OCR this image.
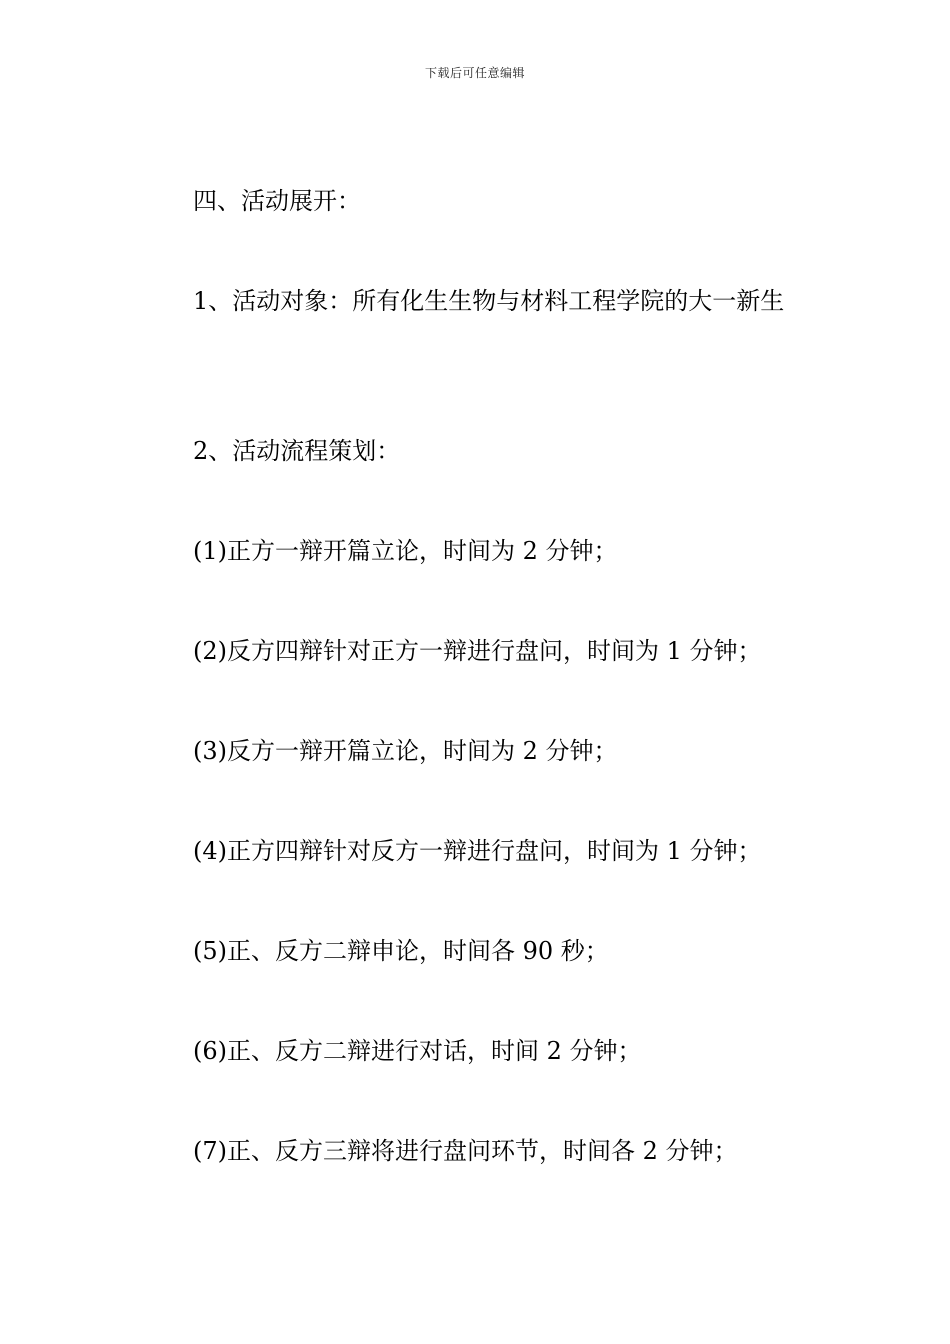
下载后可任意编辑
四、活动展开：
1、活动对象：所有化生生物与材料工程学院的大一新生
2、活动流程策划：
(1)正方一辩开篇立论，时间为 2 分钟；
(2)反方四辩针对正方一辩进行盘问，时间为 1 分钟；
(3)反方一辩开篇立论，时间为 2 分钟；
(4)正方四辩针对反方一辩进行盘问，时间为 1 分钟；
(5)正、反方二辩申论，时间各 90 秒；
(6)正、反方二辩进行对话，时间 2 分钟；
(7)正、反方三辩将进行盘问环节，时间各 2 分钟；
